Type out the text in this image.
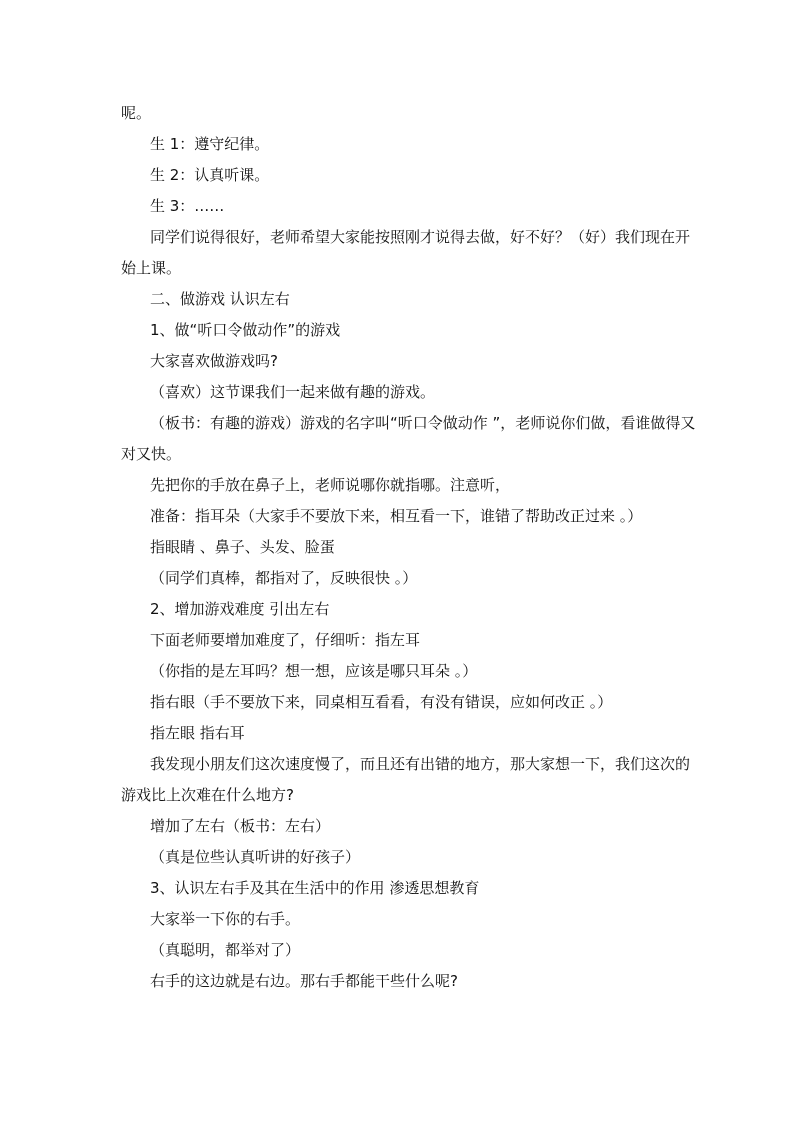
呢。
生 1：遵守纪律。
生 2：认真听课。
生 3：……
同学们说得很好，老师希望大家能按照刚才说得去做，好不好？（好）我们现在开
始上课。
二、做游戏 认识左右
1、做“听口令做动作”的游戏
大家喜欢做游戏吗?
（喜欢）这节课我们一起来做有趣的游戏。
（板书：有趣的游戏）游戏的名字叫“听口令做动作 ”，老师说你们做，看谁做得又
对又快。
先把你的手放在鼻子上，老师说哪你就指哪。注意听，
准备：指耳朵（大家手不要放下来，相互看一下，谁错了帮助改正过来 。）
指眼睛 、鼻子、头发、脸蛋
（同学们真棒，都指对了，反映很快 。）
2、增加游戏难度 引出左右
下面老师要增加难度了，仔细听：指左耳
（你指的是左耳吗？想一想，应该是哪只耳朵 。）
指右眼（手不要放下来，同桌相互看看，有没有错误，应如何改正 。）
指左眼 指右耳
我发现小朋友们这次速度慢了，而且还有出错的地方，那大家想一下，我们这次的
游戏比上次难在什么地方?
增加了左右（板书：左右）
（真是位些认真听讲的好孩子）
3、认识左右手及其在生活中的作用 渗透思想教育
大家举一下你的右手。
（真聪明，都举对了）
右手的这边就是右边。那右手都能干些什么呢?
